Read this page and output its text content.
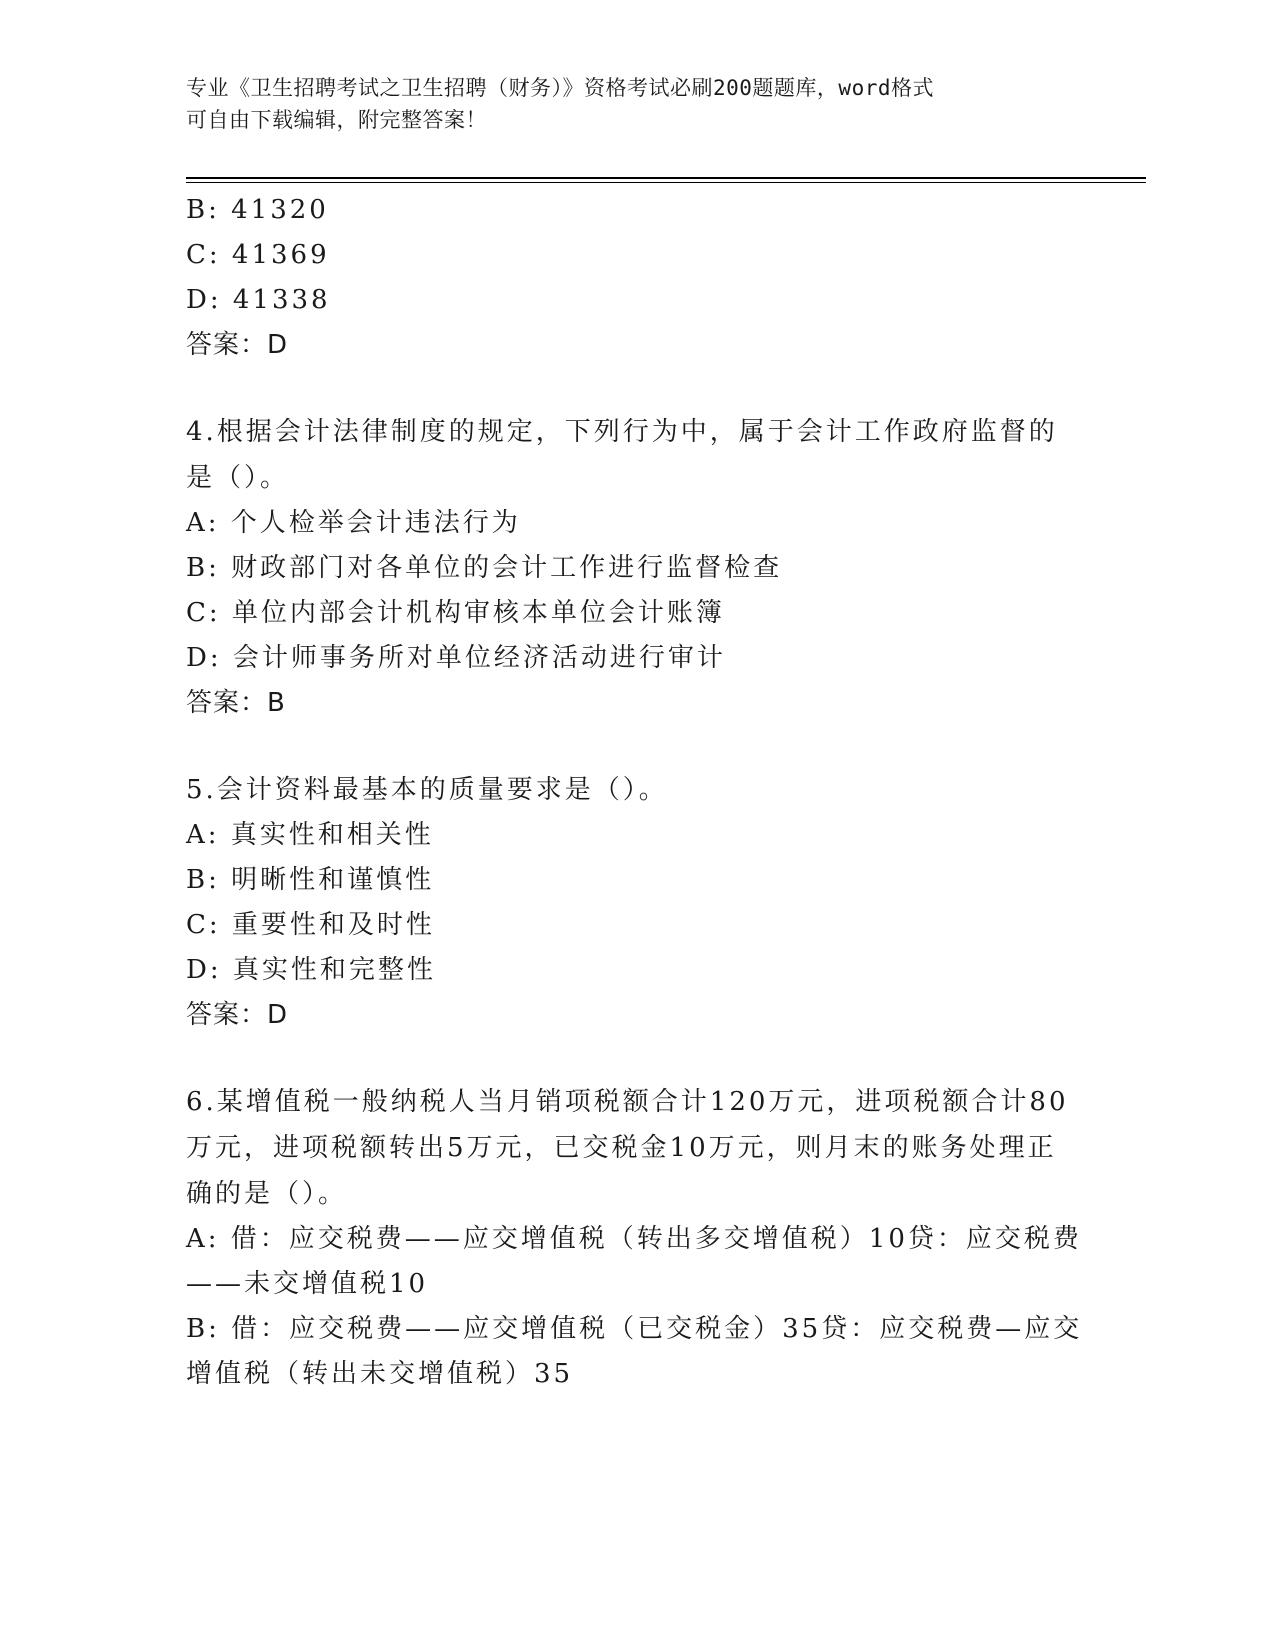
专业《卫生招聘考试之卫生招聘（财务）》资格考试必刷200题题库，word格式
可自由下载编辑，附完整答案！
B: 41320
C: 41369
D: 41338
答案：D
4.根据会计法律制度的规定，下列行为中，属于会计工作政府监督的
是（）。
A: 个人检举会计违法行为
B: 财政部门对各单位的会计工作进行监督检查
C: 单位内部会计机构审核本单位会计账簿
D: 会计师事务所对单位经济活动进行审计
答案：B
5.会计资料最基本的质量要求是（）。
A: 真实性和相关性
B: 明晰性和谨慎性
C: 重要性和及时性
D: 真实性和完整性
答案：D
6.某增值税一般纳税人当月销项税额合计120万元，进项税额合计80
万元，进项税额转出5万元，已交税金10万元，则月末的账务处理正
确的是（）。
A: 借：应交税费——应交增值税（转出多交增值税）10贷：应交税费
——未交增值税10
B: 借：应交税费——应交增值税（已交税金）35贷：应交税费—应交
增值税（转出未交增值税）35
